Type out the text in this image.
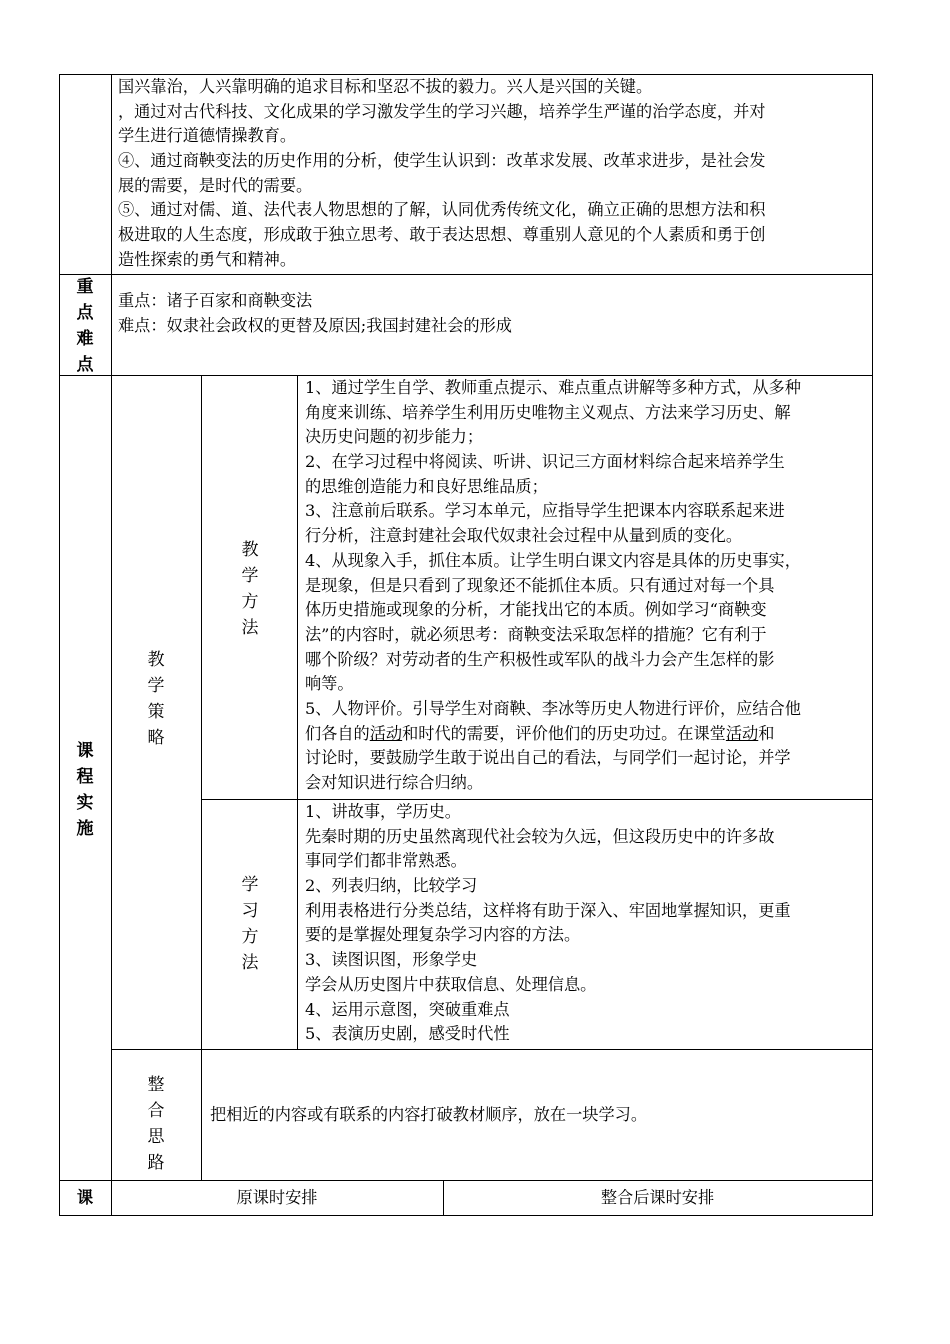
国兴靠治，人兴靠明确的追求目标和坚忍不拔的毅力。兴人是兴国的关键。
，通过对古代科技、文化成果的学习激发学生的学习兴趣，培养学生严谨的治学态度，并对
学生进行道德情操教育。
④、通过商鞅变法的历史作用的分析，使学生认识到：改革求发展、改革求进步，是社会发
展的需要，是时代的需要。
⑤、通过对儒、道、法代表人物思想的了解，认同优秀传统文化，确立正确的思想方法和积
极进取的人生态度，形成敢于独立思考、敢于表达思想、尊重别人意见的个人素质和勇于创
造性探索的勇气和精神。
重
点
难
点
重点：诸子百家和商鞅变法
难点：奴隶社会政权的更替及原因;我国封建社会的形成
课
程
实
施
教
学
策
略
教
学
方
法
1、通过学生自学、教师重点提示、难点重点讲解等多种方式，从多种
角度来训练、培养学生利用历史唯物主义观点、方法来学习历史、解
决历史问题的初步能力；
2、在学习过程中将阅读、听讲、识记三方面材料综合起来培养学生
的思维创造能力和良好思维品质；
3、注意前后联系。学习本单元，应指导学生把课本内容联系起来进
行分析，注意封建社会取代奴隶社会过程中从量到质的变化。
4、从现象入手，抓住本质。让学生明白课文内容是具体的历史事实，
是现象，但是只看到了现象还不能抓住本质。只有通过对每一个具
体历史措施或现象的分析，才能找出它的本质。例如学习“商鞅变
法”的内容时，就必须思考：商鞅变法采取怎样的措施？它有利于
哪个阶级？对劳动者的生产积极性或军队的战斗力会产生怎样的影
响等。
5、人物评价。引导学生对商鞅、李冰等历史人物进行评价，应结合他
们各自的活动和时代的需要，评价他们的历史功过。在课堂活动和
讨论时，要鼓励学生敢于说出自己的看法，与同学们一起讨论，并学
会对知识进行综合归纳。
学
习
方
法
1、讲故事，学历史。
先秦时期的历史虽然离现代社会较为久远，但这段历史中的许多故
事同学们都非常熟悉。
2、列表归纳，比较学习
利用表格进行分类总结，这样将有助于深入、牢固地掌握知识，更重
要的是掌握处理复杂学习内容的方法。
3、读图识图，形象学史
学会从历史图片中获取信息、处理信息。
4、运用示意图，突破重难点
5、表演历史剧，感受时代性
整
合
思
路
把相近的内容或有联系的内容打破教材顺序，放在一块学习。
课	原课时安排	整合后课时安排
